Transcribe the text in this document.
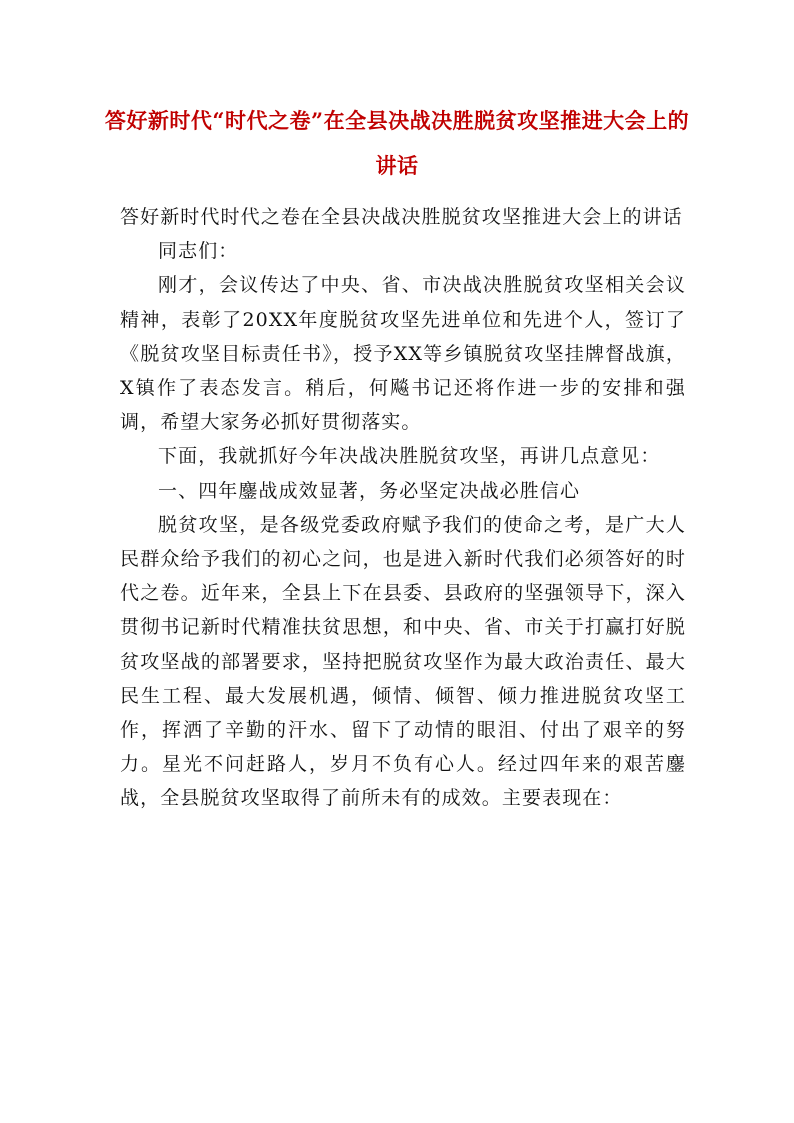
答好新时代“时代之卷”在全县决战决胜脱贫攻坚推进大会上的讲话

答好新时代时代之卷在全县决战决胜脱贫攻坚推进大会上的讲话

同志们：

刚才，会议传达了中央、省、市决战决胜脱贫攻坚相关会议精神，表彰了20XX年度脱贫攻坚先进单位和先进个人，签订了《脱贫攻坚目标责任书》，授予XX等乡镇脱贫攻坚挂牌督战旗，X镇作了表态发言。稍后，何飚书记还将作进一步的安排和强调，希望大家务必抓好贯彻落实。

下面，我就抓好今年决战决胜脱贫攻坚，再讲几点意见：

一、四年鏖战成效显著，务必坚定决战必胜信心

脱贫攻坚，是各级党委政府赋予我们的使命之考，是广大人民群众给予我们的初心之问，也是进入新时代我们必须答好的时代之卷。近年来，全县上下在县委、县政府的坚强领导下，深入贯彻书记新时代精准扶贫思想，和中央、省、市关于打赢打好脱贫攻坚战的部署要求，坚持把脱贫攻坚作为最大政治责任、最大民生工程、最大发展机遇，倾情、倾智、倾力推进脱贫攻坚工作，挥洒了辛勤的汗水、留下了动情的眼泪、付出了艰辛的努力。星光不问赶路人，岁月不负有心人。经过四年来的艰苦鏖战，全县脱贫攻坚取得了前所未有的成效。主要表现在：
